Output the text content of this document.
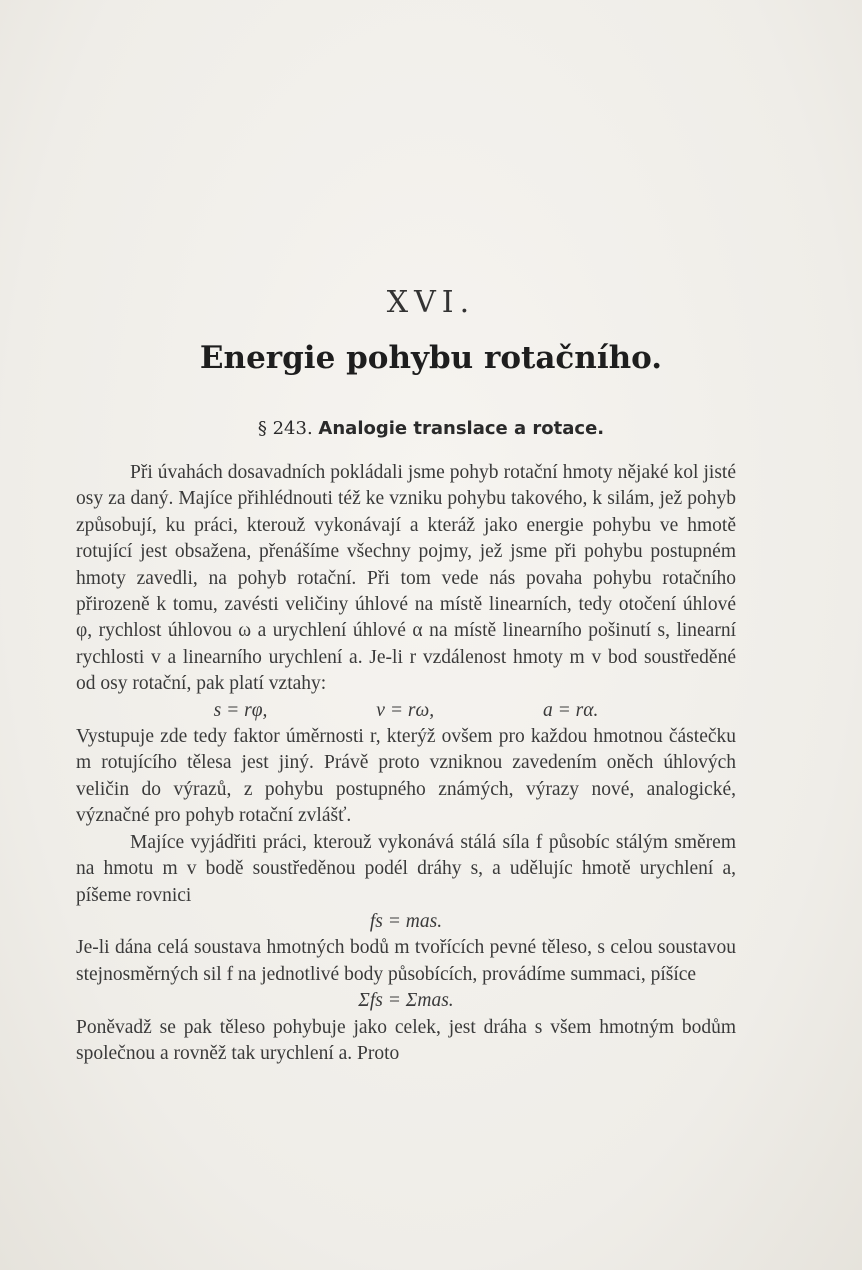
XVI.
Energie pohybu rotačního.
§ 243. Analogie translace a rotace.

Při úvahách dosavadních pokládali jsme pohyb rotační hmoty nějaké kol jisté osy za daný. Majíce přihlédnouti též ke vzniku pohybu takového, k silám, jež pohyb způsobují, ku práci, kterouž vykonávají a kteráž jako energie pohybu ve hmotě rotující jest obsažena, přenášíme všechny pojmy, jež jsme při pohybu postupném hmoty zavedli, na pohyb rotační. Při tom vede nás povaha pohybu rotačního přirozeně k tomu, zavésti veličiny úhlové na místě linearních, tedy otočení úhlové φ, rychlost úhlovou ω a urychlení úhlové α na místě linearního pošinutí s, linearní rychlosti v a linearního urychlení a. Je-li r vzdálenost hmoty m v bod soustředěné od osy rotační, pak platí vztahy:

s = rφ,	v = rω,	a = rα.

Vystupuje zde tedy faktor úměrnosti r, kterýž ovšem pro každou hmotnou částečku m rotujícího tělesa jest jiný. Právě proto vzniknou zavedením oněch úhlových veličin do výrazů, z pohybu postupného známých, výrazy nové, analogické, význačné pro pohyb rotační zvlášť.

Majíce vyjádřiti práci, kterouž vykonává stálá síla f působíc stálým směrem na hmotu m v bodě soustředěnou podél dráhy s, a udělujíc hmotě urychlení a, píšeme rovnici

fs = mas.

Je-li dána celá soustava hmotných bodů m tvořících pevné těleso, s celou soustavou stejnosměrných sil f na jednotlivé body působících, provádíme summaci, píšíce

Σfs = Σmas.

Poněvadž se pak těleso pohybuje jako celek, jest dráha s všem hmotným bodům společnou a rovněž tak urychlení a. Proto
